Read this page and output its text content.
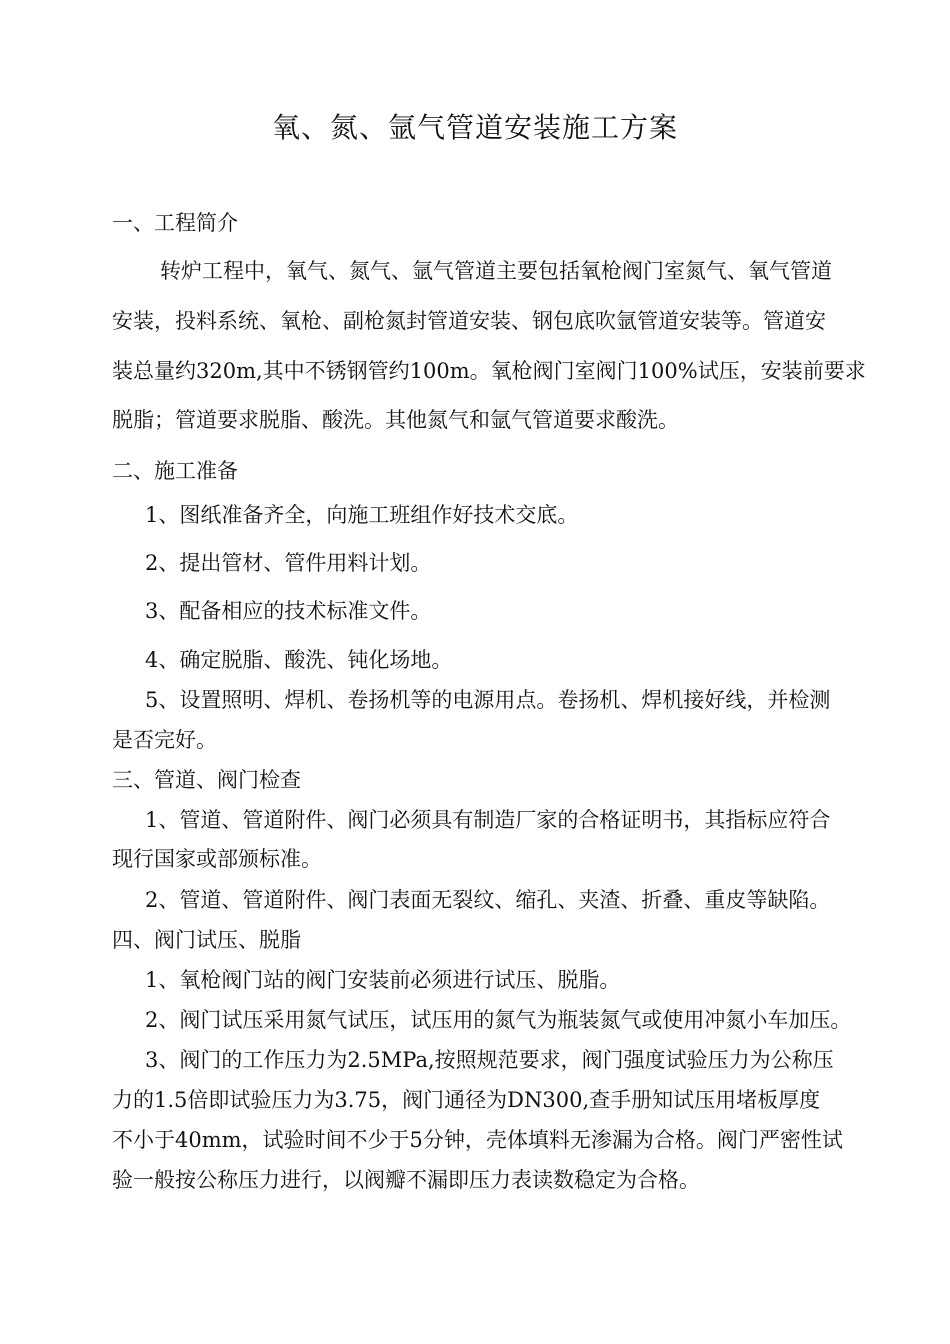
氧、氮、氩气管道安装施工方案

一、工程简介

转炉工程中，氧气、氮气、氩气管道主要包括氧枪阀门室氮气、氧气管道

安装，投料系统、氧枪、副枪氮封管道安装、钢包底吹氩管道安装等。管道安

装总量约320m,其中不锈钢管约100m。氧枪阀门室阀门100%试压，安装前要求

脱脂；管道要求脱脂、酸洗。其他氮气和氩气管道要求酸洗。

二、施工准备

1、图纸准备齐全，向施工班组作好技术交底。

2、提出管材、管件用料计划。

3、配备相应的技术标准文件。

4、确定脱脂、酸洗、钝化场地。

5、设置照明、焊机、卷扬机等的电源用点。卷扬机、焊机接好线，并检测

是否完好。

三、管道、阀门检查

1、管道、管道附件、阀门必须具有制造厂家的合格证明书，其指标应符合

现行国家或部颁标准。

2、管道、管道附件、阀门表面无裂纹、缩孔、夹渣、折叠、重皮等缺陷。

四、阀门试压、脱脂

1、氧枪阀门站的阀门安装前必须进行试压、脱脂。

2、阀门试压采用氮气试压，试压用的氮气为瓶装氮气或使用冲氮小车加压。

3、阀门的工作压力为2.5MPa,按照规范要求，阀门强度试验压力为公称压

力的1.5倍即试验压力为3.75，阀门通径为DN300,查手册知试压用堵板厚度

不小于40mm，试验时间不少于5分钟，壳体填料无渗漏为合格。阀门严密性试

验一般按公称压力进行，以阀瓣不漏即压力表读数稳定为合格。
